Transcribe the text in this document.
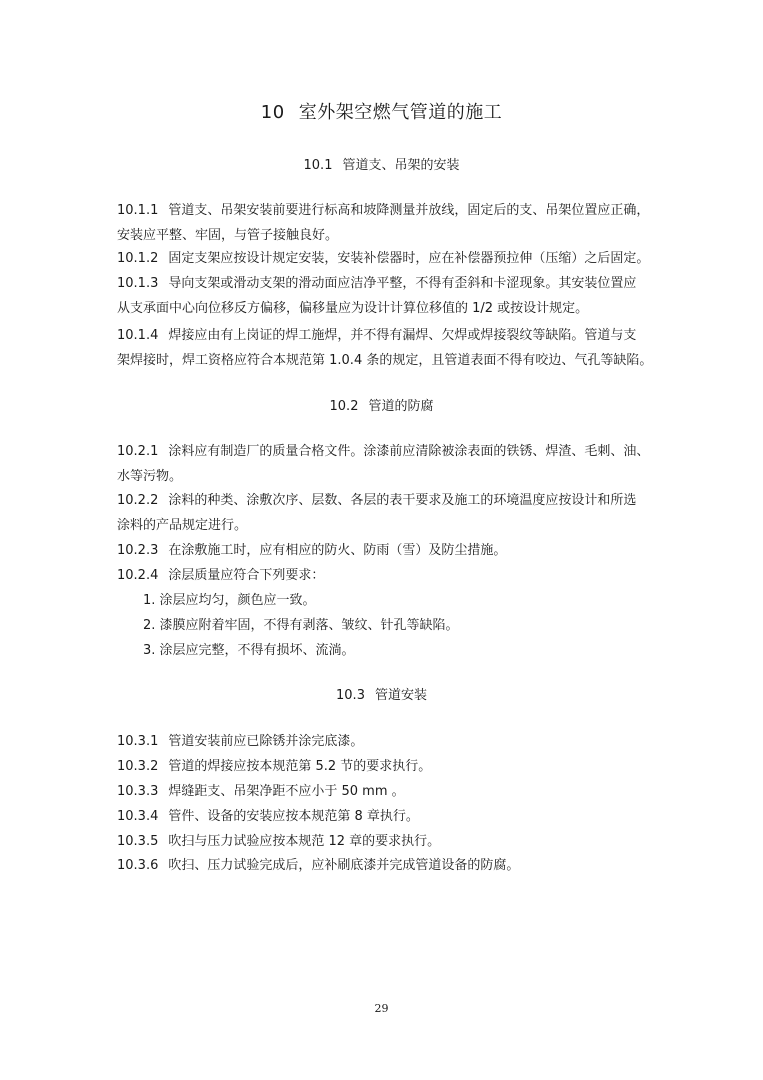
10 室外架空燃气管道的施工
10.1 管道支、吊架的安装
10.1.1 管道支、吊架安装前要进行标高和坡降测量并放线，固定后的支、吊架位置应正确，
安装应平整、牢固，与管子接触良好。
10.1.2 固定支架应按设计规定安装，安装补偿器时，应在补偿器预拉伸（压缩）之后固定。
10.1.3 导向支架或滑动支架的滑动面应洁净平整，不得有歪斜和卡涩现象。其安装位置应
从支承面中心向位移反方偏移，偏移量应为设计计算位移值的 1/2 或按设计规定。
10.1.4 焊接应由有上岗证的焊工施焊，并不得有漏焊、欠焊或焊接裂纹等缺陷。管道与支
架焊接时，焊工资格应符合本规范第 1.0.4 条的规定，且管道表面不得有咬边、气孔等缺陷。
10.2 管道的防腐
10.2.1 涂料应有制造厂的质量合格文件。涂漆前应清除被涂表面的铁锈、焊渣、毛刺、油、
水等污物。
10.2.2 涂料的种类、涂敷次序、层数、各层的表干要求及施工的环境温度应按设计和所选
涂料的产品规定进行。
10.2.3 在涂敷施工时，应有相应的防火、防雨（雪）及防尘措施。
10.2.4 涂层质量应符合下列要求：
1. 涂层应均匀，颜色应一致。
2. 漆膜应附着牢固，不得有剥落、皱纹、针孔等缺陷。
3. 涂层应完整，不得有损坏、流淌。
10.3 管道安装
10.3.1 管道安装前应已除锈并涂完底漆。
10.3.2 管道的焊接应按本规范第 5.2 节的要求执行。
10.3.3 焊缝距支、吊架净距不应小于 50 mm 。
10.3.4 管件、设备的安装应按本规范第 8 章执行。
10.3.5 吹扫与压力试验应按本规范 12 章的要求执行。
10.3.6 吹扫、压力试验完成后，应补刷底漆并完成管道设备的防腐。
29
